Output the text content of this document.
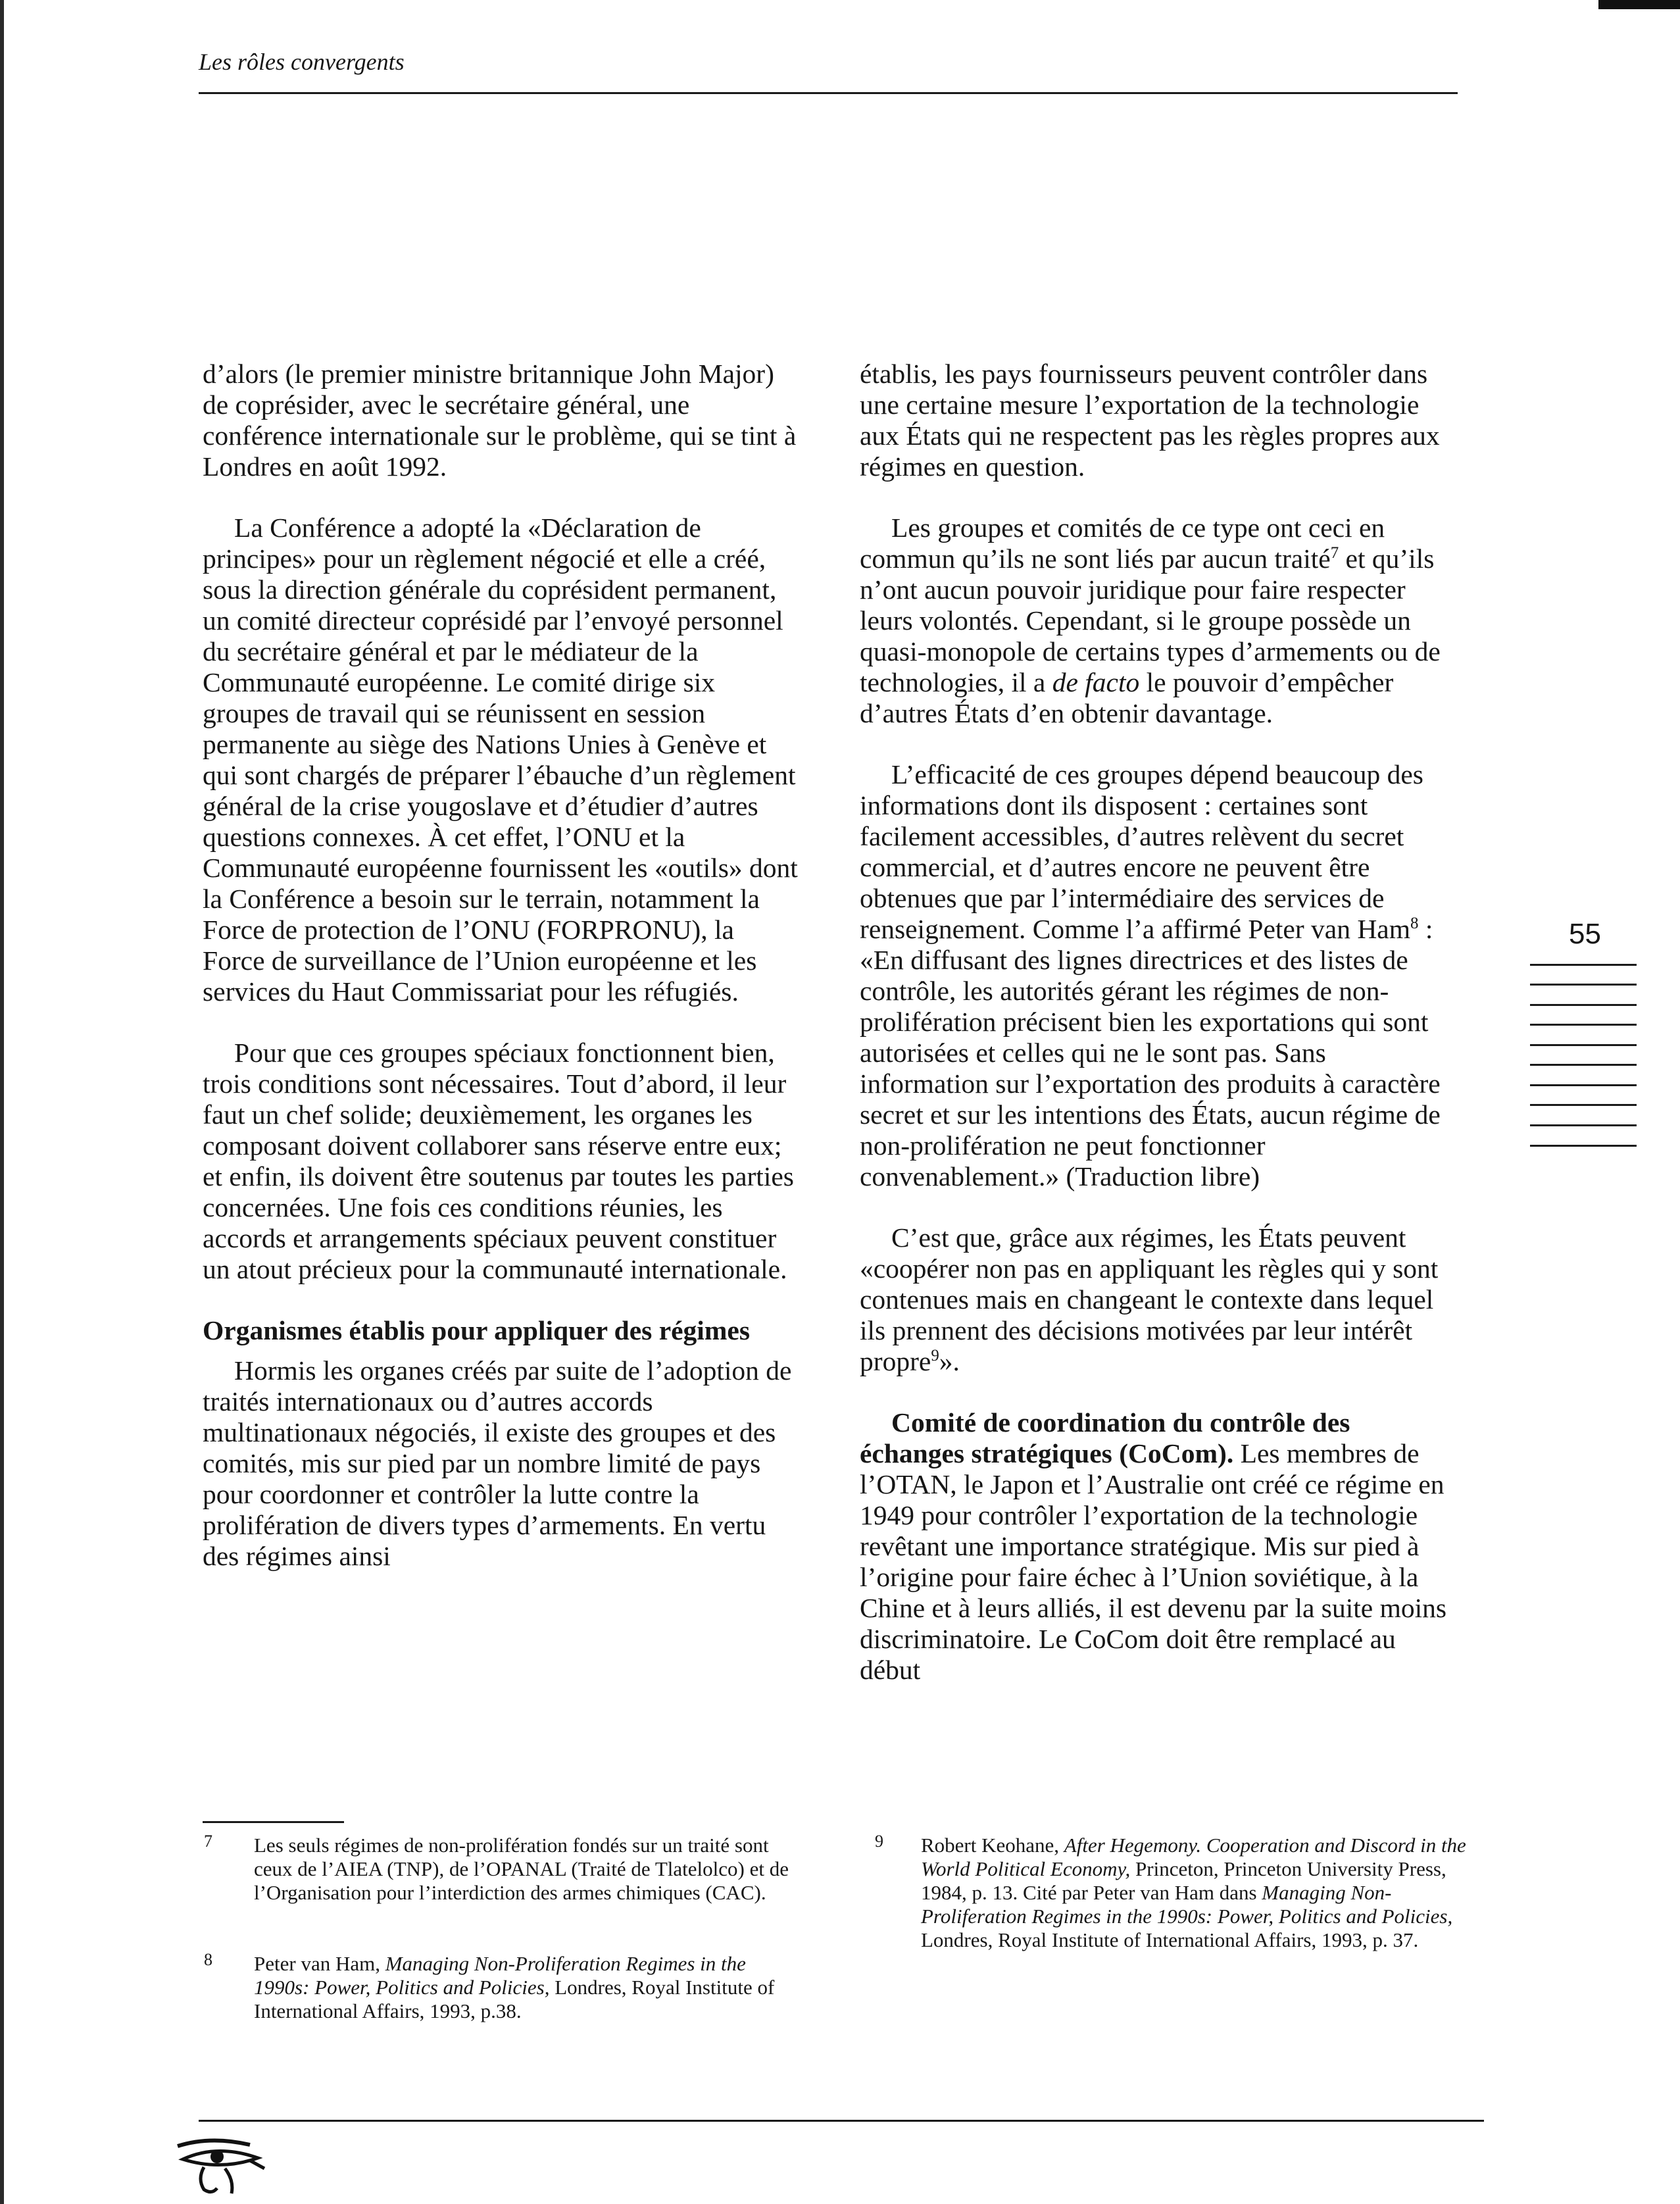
Les rôles convergents

d’alors (le premier ministre britannique John Major) de coprésider, avec le secrétaire général, une conférence internationale sur le problème, qui se tint à Londres en août 1992.

La Conférence a adopté la «Déclaration de principes» pour un règlement négocié et elle a créé, sous la direction générale du coprésident permanent, un comité directeur coprésidé par l’envoyé personnel du secrétaire général et par le médiateur de la Communauté européenne. Le comité dirige six groupes de travail qui se réunissent en session permanente au siège des Nations Unies à Genève et qui sont chargés de préparer l’ébauche d’un règlement général de la crise yougoslave et d’étudier d’autres questions connexes. À cet effet, l’ONU et la Communauté européenne fournissent les «outils» dont la Conférence a besoin sur le terrain, notamment la Force de protection de l’ONU (FORPRONU), la Force de surveillance de l’Union européenne et les services du Haut Commissariat pour les réfugiés.

Pour que ces groupes spéciaux fonctionnent bien, trois conditions sont nécessaires. Tout d’abord, il leur faut un chef solide; deuxièmement, les organes les composant doivent collaborer sans réserve entre eux; et enfin, ils doivent être soutenus par toutes les parties concernées. Une fois ces conditions réunies, les accords et arrangements spéciaux peuvent constituer un atout précieux pour la communauté internationale.

Organismes établis pour appliquer des régimes

Hormis les organes créés par suite de l’adoption de traités internationaux ou d’autres accords multinationaux négociés, il existe des groupes et des comités, mis sur pied par un nombre limité de pays pour coordonner et contrôler la lutte contre la prolifération de divers types d’armements. En vertu des régimes ainsi

établis, les pays fournisseurs peuvent contrôler dans une certaine mesure l’exportation de la technologie aux États qui ne respectent pas les règles propres aux régimes en question.

Les groupes et comités de ce type ont ceci en commun qu’ils ne sont liés par aucun traité$^7$ et qu’ils n’ont aucun pouvoir juridique pour faire respecter leurs volontés. Cependant, si le groupe possède un quasi-monopole de certains types d’armements ou de technologies, il a de facto le pouvoir d’empêcher d’autres États d’en obtenir davantage.

L’efficacité de ces groupes dépend beaucoup des informations dont ils disposent : certaines sont facilement accessibles, d’autres relèvent du secret commercial, et d’autres encore ne peuvent être obtenues que par l’intermédiaire des services de renseignement. Comme l’a affirmé Peter van Ham$^8$ : «En diffusant des lignes directrices et des listes de contrôle, les autorités gérant les régimes de non-prolifération précisent bien les exportations qui sont autorisées et celles qui ne le sont pas. Sans information sur l’exportation des produits à caractère secret et sur les intentions des États, aucun régime de non-prolifération ne peut fonctionner convenablement.» (Traduction libre)

C’est que, grâce aux régimes, les États peuvent «coopérer non pas en appliquant les règles qui y sont contenues mais en changeant le contexte dans lequel ils prennent des décisions motivées par leur intérêt propre$^9$».

Comité de coordination du contrôle des échanges stratégiques (CoCom). Les membres de l’OTAN, le Japon et l’Australie ont créé ce régime en 1949 pour contrôler l’exportation de la technologie revêtant une importance stratégique. Mis sur pied à l’origine pour faire échec à l’Union soviétique, à la Chine et à leurs alliés, il est devenu par la suite moins discriminatoire. Le CoCom doit être remplacé au début

55
7 Les seuls régimes de non-prolifération fondés sur un traité sont ceux de l’AIEA (TNP), de l’OPANAL (Traité de Tlatelolco) et de l’Organisation pour l’interdiction des armes chimiques (CAC).
8 Peter van Ham, Managing Non-Proliferation Regimes in the 1990s: Power, Politics and Policies, Londres, Royal Institute of International Affairs, 1993, p.38.
9 Robert Keohane, After Hegemony. Cooperation and Discord in the World Political Economy, Princeton, Princeton University Press, 1984, p. 13. Cité par Peter van Ham dans Managing Non-Proliferation Regimes in the 1990s: Power, Politics and Policies, Londres, Royal Institute of International Affairs, 1993, p. 37.
